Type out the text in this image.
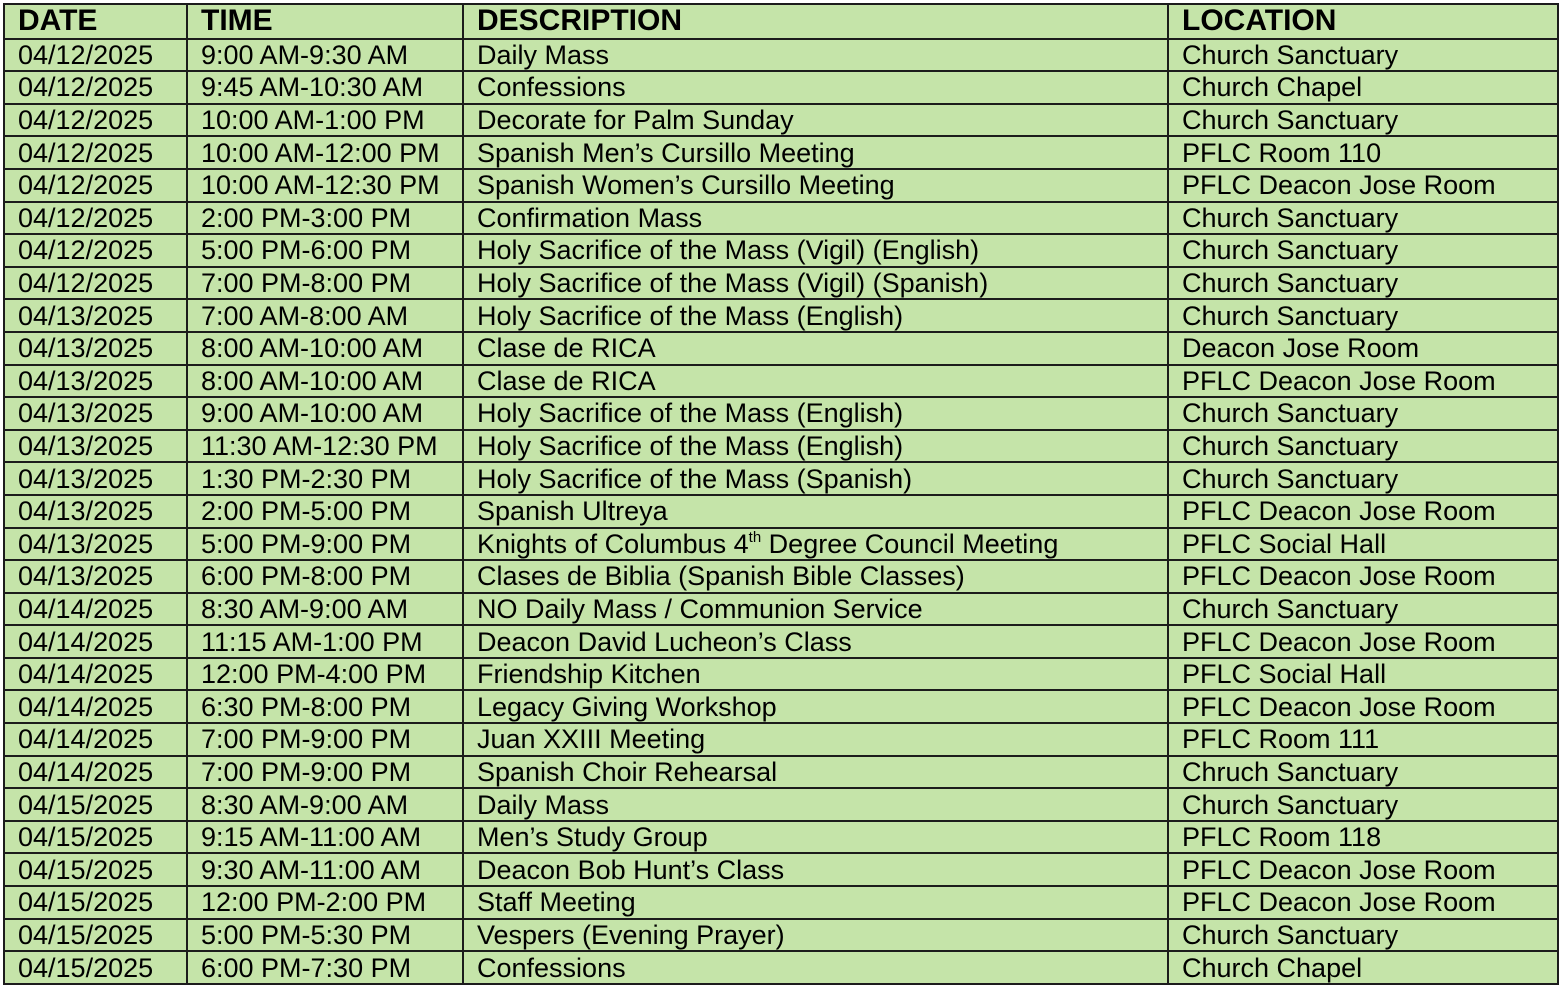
DATE	TIME	DESCRIPTION	LOCATION
04/12/2025	9:00 AM-9:30 AM	Daily Mass	Church Sanctuary
04/12/2025	9:45 AM-10:30 AM	Confessions	Church Chapel
04/12/2025	10:00 AM-1:00 PM	Decorate for Palm Sunday	Church Sanctuary
04/12/2025	10:00 AM-12:00 PM	Spanish Men’s Cursillo Meeting	PFLC Room 110
04/12/2025	10:00 AM-12:30 PM	Spanish Women’s Cursillo Meeting	PFLC Deacon Jose Room
04/12/2025	2:00 PM-3:00 PM	Confirmation Mass	Church Sanctuary
04/12/2025	5:00 PM-6:00 PM	Holy Sacrifice of the Mass (Vigil) (English)	Church Sanctuary
04/12/2025	7:00 PM-8:00 PM	Holy Sacrifice of the Mass (Vigil) (Spanish)	Church Sanctuary
04/13/2025	7:00 AM-8:00 AM	Holy Sacrifice of the Mass (English)	Church Sanctuary
04/13/2025	8:00 AM-10:00 AM	Clase de RICA	Deacon Jose Room
04/13/2025	8:00 AM-10:00 AM	Clase de RICA	PFLC Deacon Jose Room
04/13/2025	9:00 AM-10:00 AM	Holy Sacrifice of the Mass (English)	Church Sanctuary
04/13/2025	11:30 AM-12:30 PM	Holy Sacrifice of the Mass (English)	Church Sanctuary
04/13/2025	1:30 PM-2:30 PM	Holy Sacrifice of the Mass (Spanish)	Church Sanctuary
04/13/2025	2:00 PM-5:00 PM	Spanish Ultreya	PFLC Deacon Jose Room
04/13/2025	5:00 PM-9:00 PM	Knights of Columbus 4th Degree Council Meeting	PFLC Social Hall
04/13/2025	6:00 PM-8:00 PM	Clases de Biblia (Spanish Bible Classes)	PFLC Deacon Jose Room
04/14/2025	8:30 AM-9:00 AM	NO Daily Mass / Communion Service	Church Sanctuary
04/14/2025	11:15 AM-1:00 PM	Deacon David Lucheon’s Class	PFLC Deacon Jose Room
04/14/2025	12:00 PM-4:00 PM	Friendship Kitchen	PFLC Social Hall
04/14/2025	6:30 PM-8:00 PM	Legacy Giving Workshop	PFLC Deacon Jose Room
04/14/2025	7:00 PM-9:00 PM	Juan XXIII Meeting	PFLC Room 111
04/14/2025	7:00 PM-9:00 PM	Spanish Choir Rehearsal	Chruch Sanctuary
04/15/2025	8:30 AM-9:00 AM	Daily Mass	Church Sanctuary
04/15/2025	9:15 AM-11:00 AM	Men’s Study Group	PFLC Room 118
04/15/2025	9:30 AM-11:00 AM	Deacon Bob Hunt’s Class	PFLC Deacon Jose Room
04/15/2025	12:00 PM-2:00 PM	Staff Meeting	PFLC Deacon Jose Room
04/15/2025	5:00 PM-5:30 PM	Vespers (Evening Prayer)	Church Sanctuary
04/15/2025	6:00 PM-7:30 PM	Confessions	Church Chapel
